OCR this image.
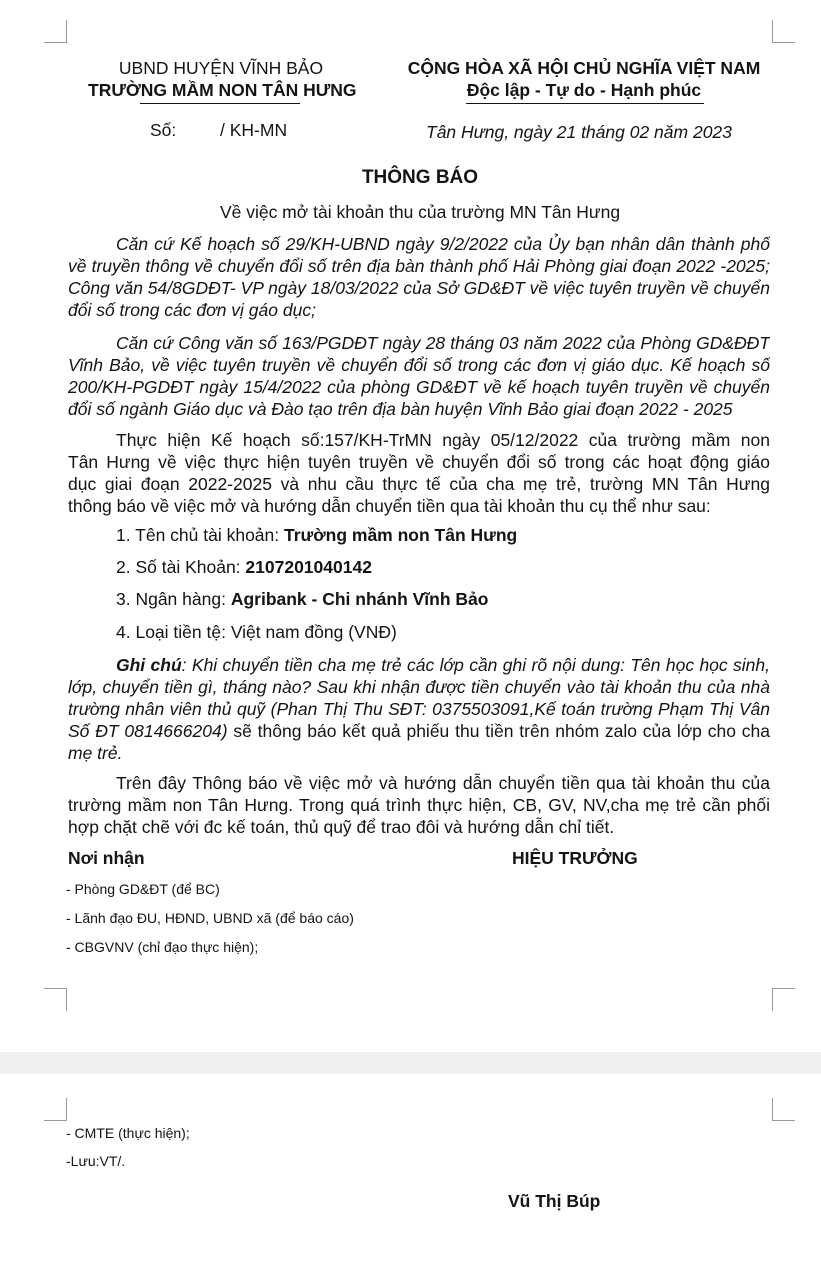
UBND HUYỆN VĨNH BẢO
TRƯỜNG MẦM NON TÂN HƯNG
CỘNG HÒA XÃ HỘI CHỦ NGHĨA VIỆT NAM
Độc lập - Tự do - Hạnh phúc
Số: / KH-MN	Tân Hưng, ngày 21 tháng 02 năm 2023
THÔNG BÁO
Về việc mở tài khoản thu của trường MN Tân Hưng
Căn cứ Kế hoạch số 29/KH-UBND ngày 9/2/2022 của Ủy bạn nhân dân thành phố
về truyền thông về chuyển đổi số trên địa bàn thành phố Hải Phòng giai đoạn 2022 -2025;
Công văn 54/8GDĐT- VP ngày 18/03/2022 của Sở GD&ĐT về việc tuyên truyền về chuyển
đổi số trong các đơn vị gáo dục;
Căn cứ Công văn số 163/PGDĐT ngày 28 tháng 03 năm 2022 của Phòng GD&ĐĐT
Vĩnh Bảo, về việc tuyên truyền về chuyển đổi số trong các đơn vị giáo dục. Kế hoạch số
200/KH-PGDĐT ngày 15/4/2022 của phòng GD&ĐT về kế hoạch tuyên truyền về chuyển
đổi số ngành Giáo dục và Đào tạo trên địa bàn huyện Vĩnh Bảo giai đoạn 2022 - 2025
Thực hiện Kế hoạch số:157/KH-TrMN ngày 05/12/2022 của trường mầm non
Tân Hưng về việc thực hiện tuyên truyền về chuyển đổi số trong các hoạt động giáo
dục giai đoạn 2022-2025 và nhu cầu thực tế của cha mẹ trẻ, trường MN Tân Hưng
thông báo về việc mở và hướng dẫn chuyển tiền qua tài khoản thu cụ thể như sau:
1. Tên chủ tài khoản: Trường mầm non Tân Hưng
2. Số tài Khoản: 2107201040142
3. Ngân hàng: Agribank - Chi nhánh Vĩnh Bảo
4. Loại tiền tệ: Việt nam đồng (VNĐ)
Ghi chú: Khi chuyển tiền cha mẹ trẻ các lớp cần ghi rõ nội dung: Tên học học sinh,
lớp, chuyển tiền gì, tháng nào? Sau khi nhận được tiền chuyển vào tài khoản thu của nhà
trường nhân viên thủ quỹ (Phan Thị Thu SĐT: 0375503091,Kế toán trường Phạm Thị Vân
Số ĐT 0814666204) sẽ thông báo kết quả phiếu thu tiền trên nhóm zalo của lớp cho cha
mẹ trẻ.
Trên đây Thông báo về việc mở và hướng dẫn chuyển tiền qua tài khoản thu của
trường mầm non Tân Hưng. Trong quá trình thực hiện, CB, GV, NV,cha mẹ trẻ cần phối
hợp chặt chẽ với đc kế toán, thủ quỹ để trao đôi và hướng dẫn chỉ tiết.
Nơi nhận	HIỆU TRƯỞNG
- Phòng GD&ĐT (để BC)
- Lãnh đạo ĐU, HĐND, UBND xã (để báo cáo)
- CBGVNV (chỉ đạo thực hiện);
- CMTE (thực hiện);
-Lưu:VT/.
Vũ Thị Búp
